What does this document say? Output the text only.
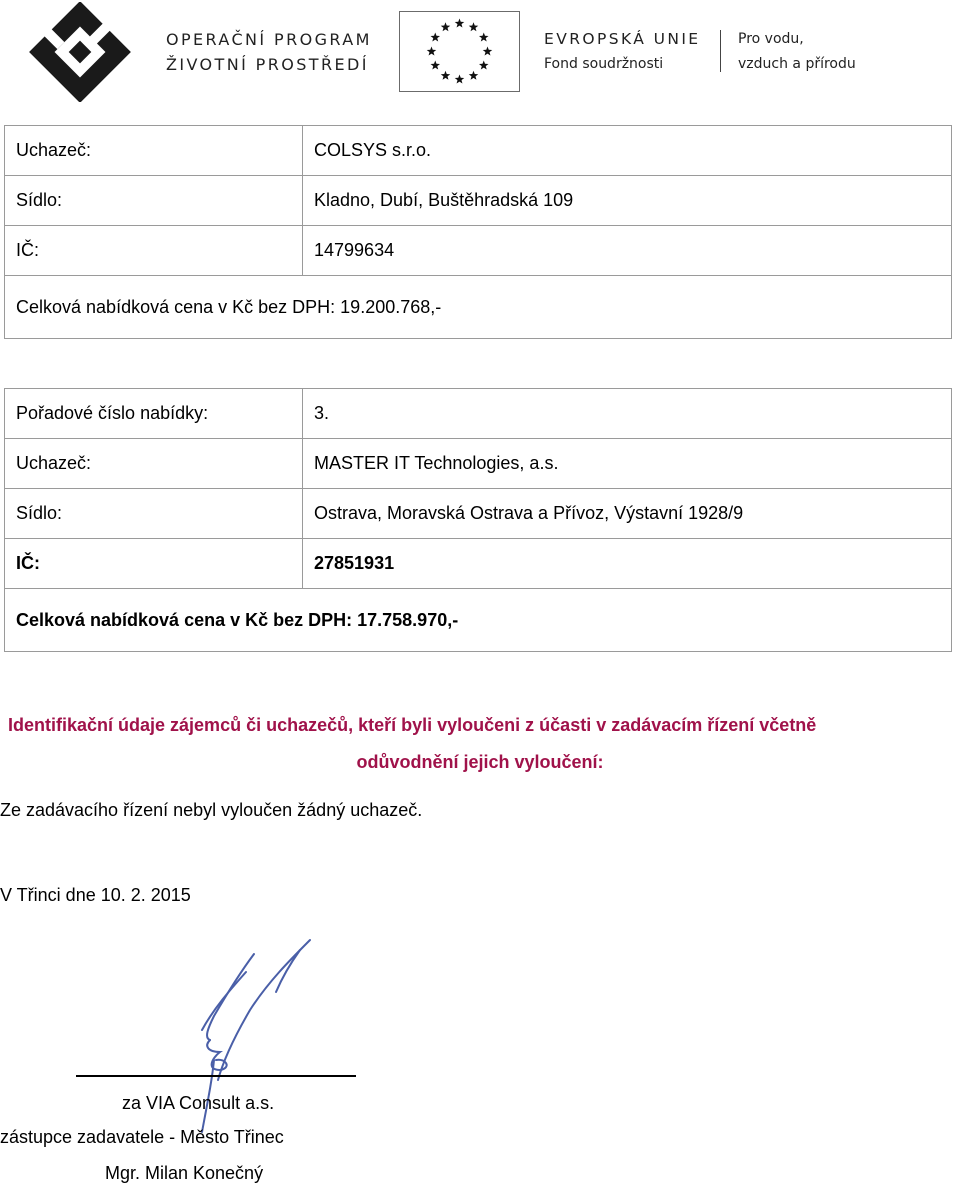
OPERAČNÍ PROGRAM
ŽIVOTNÍ PROSTŘEDÍ
EVROPSKÁ UNIE
Fond soudržnosti
Pro vodu,
vzduch a přírodu
Uchazeč:	COLSYS s.r.o.
Sídlo:	Kladno, Dubí, Buštěhradská 109
IČ:	14799634
Celková nabídková cena v Kč bez DPH: 19.200.768,-	
Pořadové číslo nabídky:	3.
Uchazeč:	MASTER IT Technologies, a.s.
Sídlo:	Ostrava, Moravská Ostrava a Přívoz, Výstavní 1928/9
IČ:	27851931
Celková nabídková cena v Kč bez DPH: 17.758.970,-	
Identifikační údaje zájemců či uchazečů, kteří byli vyloučeni z účasti v zadávacím řízení včetně
odůvodnění jejich vyloučení:
Ze zadávacího řízení nebyl vyloučen žádný uchazeč.
V Třinci dne 10. 2. 2015
za VIA Consult a.s.
zástupce zadavatele - Město Třinec
Mgr. Milan Konečný
